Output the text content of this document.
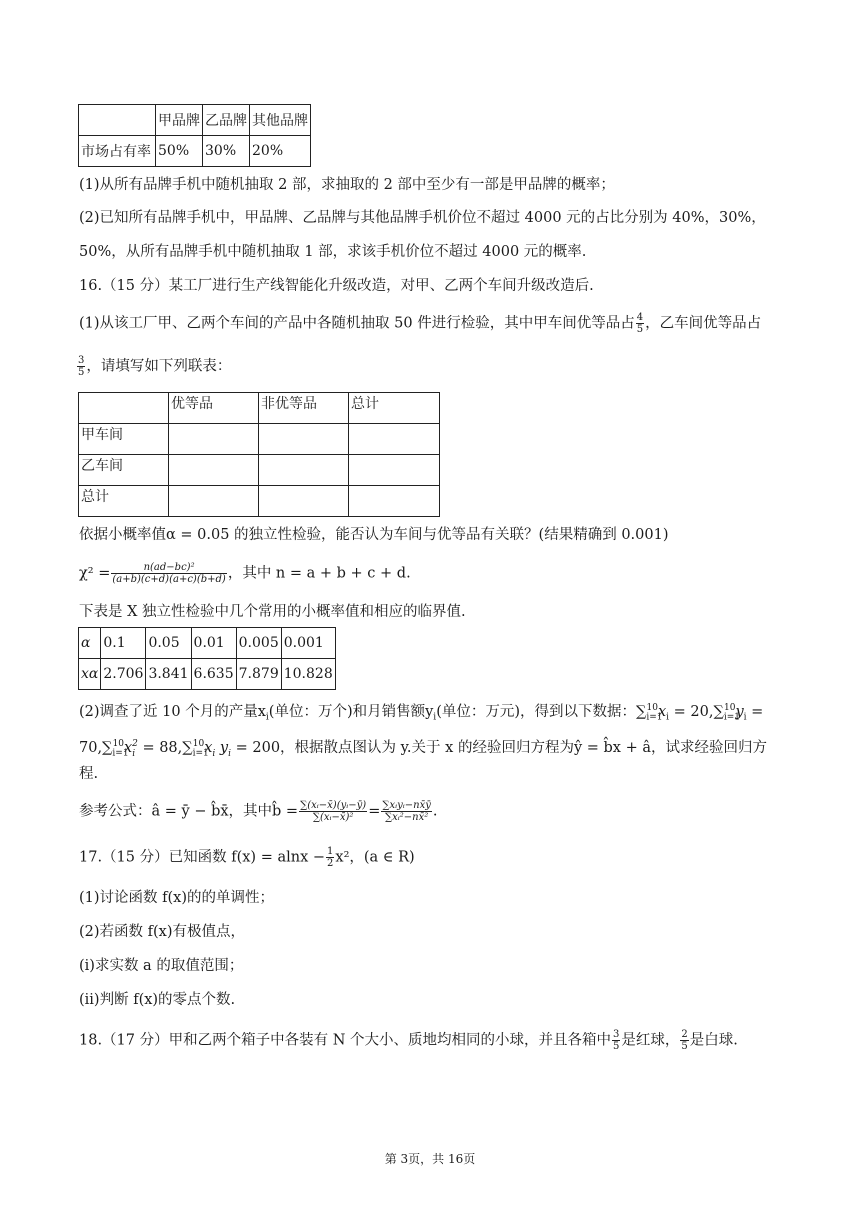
	甲品牌	乙品牌	其他品牌
市场占有率	50%	30%	20%
(1)从所有品牌手机中随机抽取 2 部，求抽取的 2 部中至少有一部是甲品牌的概率；
(2)已知所有品牌手机中，甲品牌、乙品牌与其他品牌手机价位不超过 4000 元的占比分别为 40%，30%，
50%，从所有品牌手机中随机抽取 1 部，求该手机价位不超过 4000 元的概率.
16.（15 分）某工厂进行生产线智能化升级改造，对甲、乙两个车间升级改造后.
(1)从该工厂甲、乙两个车间的产品中各随机抽取 50 件进行检验，其中甲车间优等品占 $\frac{4}{5}$ ，乙车间优等品占
$\frac{3}{5}$ ，请填写如下列联表：
	优等品	非优等品	总计
甲车间			
乙车间			
总计			
依据小概率值α = 0.05 的独立性检验，能否认为车间与优等品有关联？(结果精确到 0.001)
$\chi^2 = \frac{\text{n(ad−bc)²}}{(a+b)(c+d)(a+c)(b+d)}$ ，其中 n = a + b + c + d.
下表是 X 独立性检验中几个常用的小概率值和相应的临界值.
α	0.1	0.05	0.01	0.005	0.001
xα	2.706	3.841	6.635	7.879	10.828
(2)调查了近 10 个月的产量$x_i$(单位：万个)和月销售额$y_i$(单位：万元)，得到以下数据：$\sum_{i=1}^{10}x_i = 20,\sum_{i=1}^{10}y_i$ =
$70,\sum_{i=1}^{10}x_i^2 = 88,\sum_{i=1}^{10}x_i$ $y_i = 200$，根据散点图认为 y.关于 x 的经验回归方程为ŷ = b̂x + â，试求经验回归方
程.
参考公式：â = ȳ − b̂x̄，其中b̂ = $\frac{\text{∑(xᵢ−x̄)(yᵢ−ȳ)}}{\text{∑(xᵢ−x̄)²}} = \frac{\text{∑xᵢyᵢ−nx̄ȳ}}{\text{∑xᵢ²−nx̄²}}$ .
17.（15 分）已知函数 $f(x) = alnx - \frac{1}{2} x^2$，(a ∈ R)
(1)讨论函数 f(x)的的单调性；
(2)若函数 f(x)有极值点，
(i)求实数 a 的取值范围；
(ii)判断 f(x)的零点个数.
18.（17 分）甲和乙两个箱子中各装有 N 个大小、质地均相同的小球，并且各箱中 $\frac{3}{5}$ 是红球， $\frac{2}{5}$ 是白球.
第 3页，共 16页
